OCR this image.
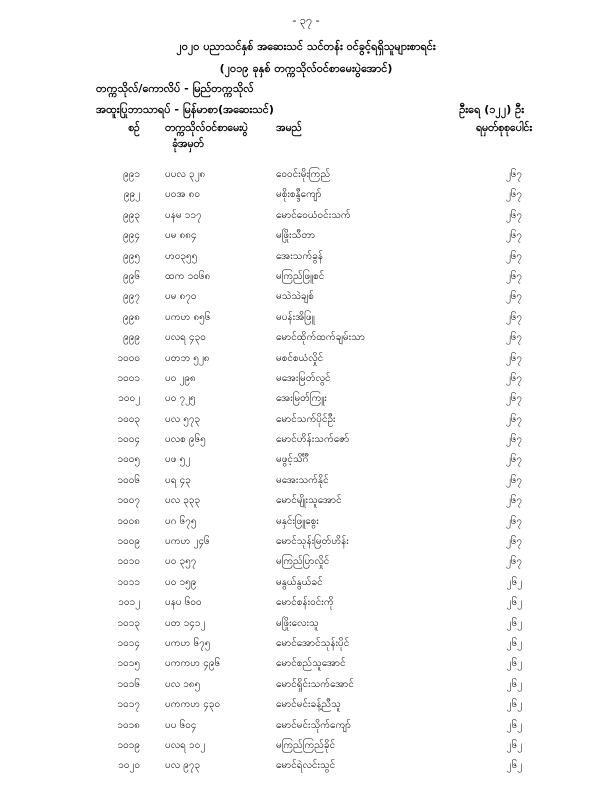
- ၃၇ -
၂၀၂၀ ပညာသင်နှစ် အဆေးသင် သင်တန်း ဝင်ခွင့်ရရှိသူများစာရင်း
(၂၀၁၉ ခုနှစ် တက္ကသိုလ်ဝင်စာမေးပွဲအောင်)
တက္ကသိုလ်/ကောလိပ် - မြည်တက္ကသိုလ်
အထူးပြုဘာသာရပ် - မြန်မာစာ(အဆေးသင်)	ဦးရေ (၁၂၂) ဦး
စဉ် တက္ကသိုလ်ဝင်စာမေးပွဲ
ခုံအမှတ်
အမည်	ရမှတ်စုစုပေါင်း
၉၉၁	ပပလ ၃၂၈	ဝေဝင်းမိုးကြည်	၂၆၇
၉၉၂	ပဝအ ၈၀	မစိုးစန္ဒီကျော်	၂၆၇
၉၉၃	ပနမ ၁၁၇	မောင်ဝေယံဝင်းသက်	၂၆၇
၉၉၄	ပမ ၈၈၄	မဖြိုးသီတာ	၂၆၇
၉၉၅	ဟဝ၃၅၅	အေးသက်ခွန်	၂၆၇
၉၉၆	ထက ၁၀၆၈	မကြည်ဖြူစင်	၂၆၇
၉၉၇	ပမ ၈၇၀	မသဲသဲချစ်	၂၆၇
၉၉၈	ပကဟ ၈၅၆	မပန်းအိဖြူ	၂၆၇
၉၉၉	ပလရ ၄၃၀	မောင်ထိုက်ထက်ချမ်းသာ	၂၆၇
၁၀၀၀	ပတဘ ၅၂၈	မစင်စယံလှိုင်	၂၆၇
၁၀၀၁	ပဝ ၂၉၈	မအေးမြတ်လွင်	၂၆၇
၁၀၀၂	ပဝ ၇၂၅	အေးမြတ်ကြူး	၂၆၇
၁၀၀၃	ပလ ၅၇၃	မောင်သက်ပိုင်ဦး	၂၆၇
၁၀၀၄	ပလစ ၉၆၅	မောင်ဟိန်းသက်ဇော်	၂၆၇
၁၀၀၅	ပဖ ၅၂	မဖွင့်သိင်္ဂီ	၂၆၇
၁၀၀၆	ပရ ၄၃	မအေးသက်နိုင်	၂၆၇
၁၀၀၇	ပလ ၃၃၃	မောင်မျိုးသူအောင်	၂၆၇
၁၀၀၈	ပဂ ၆၇၅	မနှင်းဖြူစွေး	၂၆၇
၁၀၀၉	ပကဟ ၂၄၆	မောင်သုန်းမြတ်ဟိန်း	၂၆၇
၁၀၁၀	ပဝ ၃၅၇	မကြည်ပြာလှိုင်	၂၆၇
၁၀၁၁	ပဝ ၁၅၉	မနွယ်နွယ်ခင်	၂၆၂
၁၀၁၂	ပနပ ၆၀၀	မောင်စန်းဝင်းကို	၂၆၂
၁၀၁၃	ပတ ၁၄၁၂	မဖြိုးလေးသူ	၂၆၂
၁၀၁၄	ပကဟ ၆၇၅	မောင်အောင်သုန်းပိုင်	၂၆၂
၁၀၁၅	ပကကဟ ၄၉၆	မောင်စည်သူအောင်	၂၆၂
၁၀၁၆	ပလ ၁၈၅	မောင်ရှိုင်းသက်အောင်	၂၆၂
၁၀၁၇	ပကကဟ ၄၃၀	မောင်မင်းခန့်ညီသူ	၂၆၂
၁၀၁၈	ပပ ၆၀၄	မောင်မင်းသိုက်ကျော်	၂၆၂
၁၀၁၉	ပလရ ၁၀၂	မကြည်ကြည်ခိုင်	၂၆၂
၁၀၂၀	ပလ ၉၇၃	မောင်ရဲလင်းသွင်	၂၆၂
